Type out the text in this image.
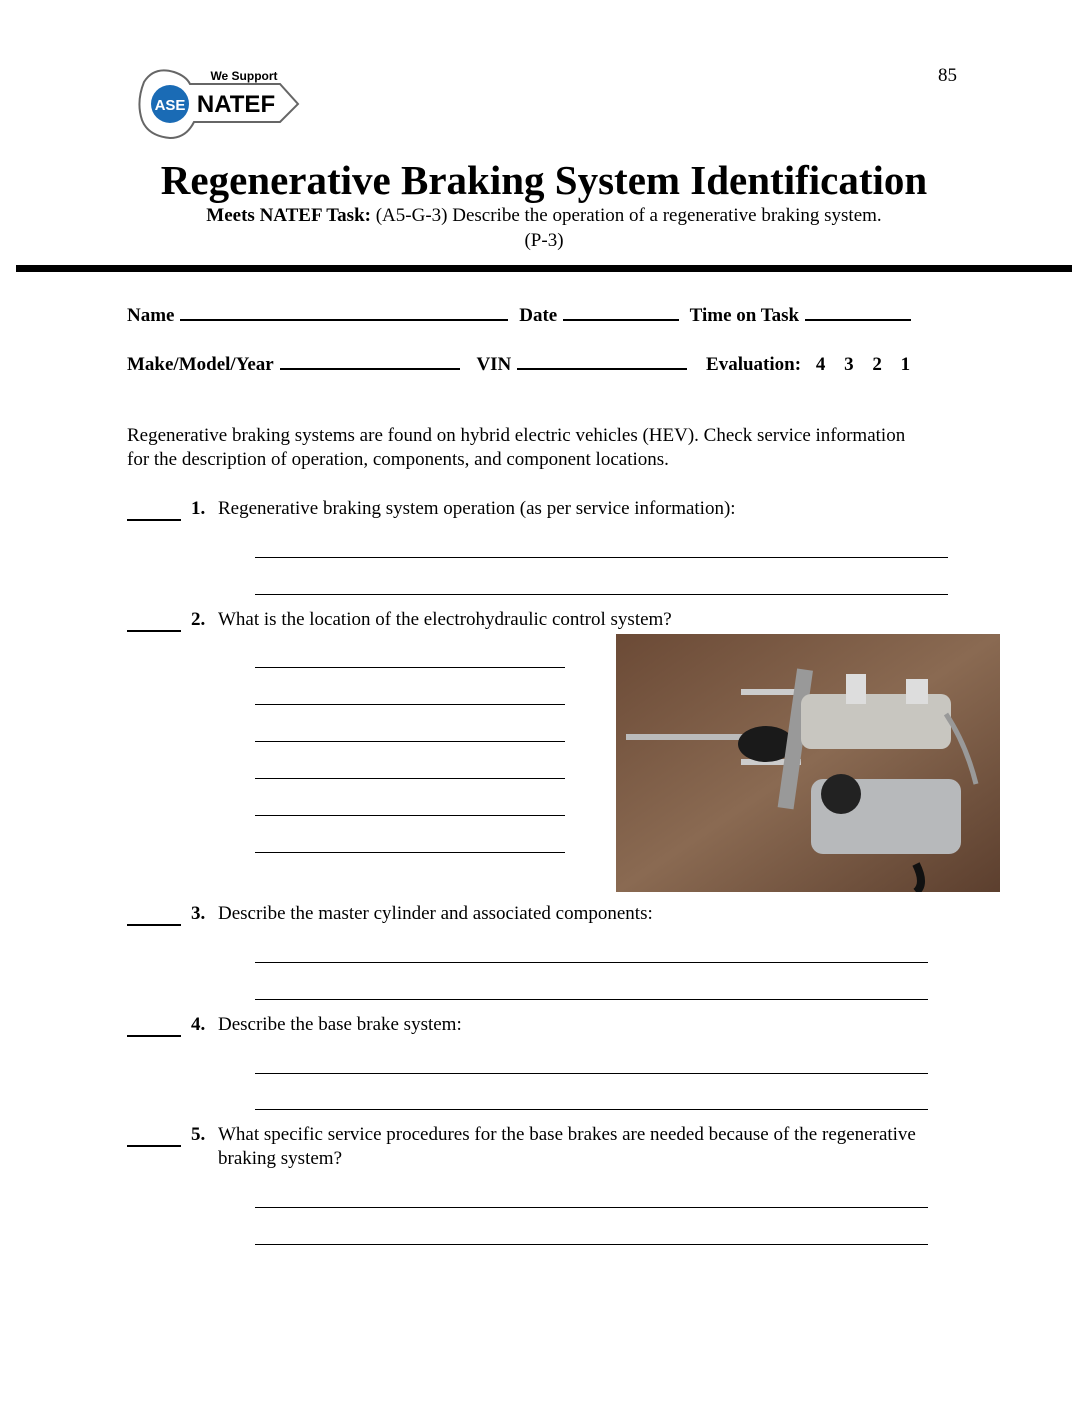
85
ASE
We Support
NATEF
Regenerative Braking System Identification
Meets NATEF Task: (A5-G-3) Describe the operation of a regenerative braking system.
(P-3)
Name	Date	Time on Task
Make/Model/Year	VIN	Evaluation: 4 3 2 1
Regenerative braking systems are found on hybrid electric vehicles (HEV). Check service information for the description of operation, components, and component locations.
1. Regenerative braking system operation (as per service information):
2. What is the location of the electrohydraulic control system?
3. Describe the master cylinder and associated components:
4. Describe the base brake system:
5. What specific service procedures for the base brakes are needed because of the regenerative braking system?
